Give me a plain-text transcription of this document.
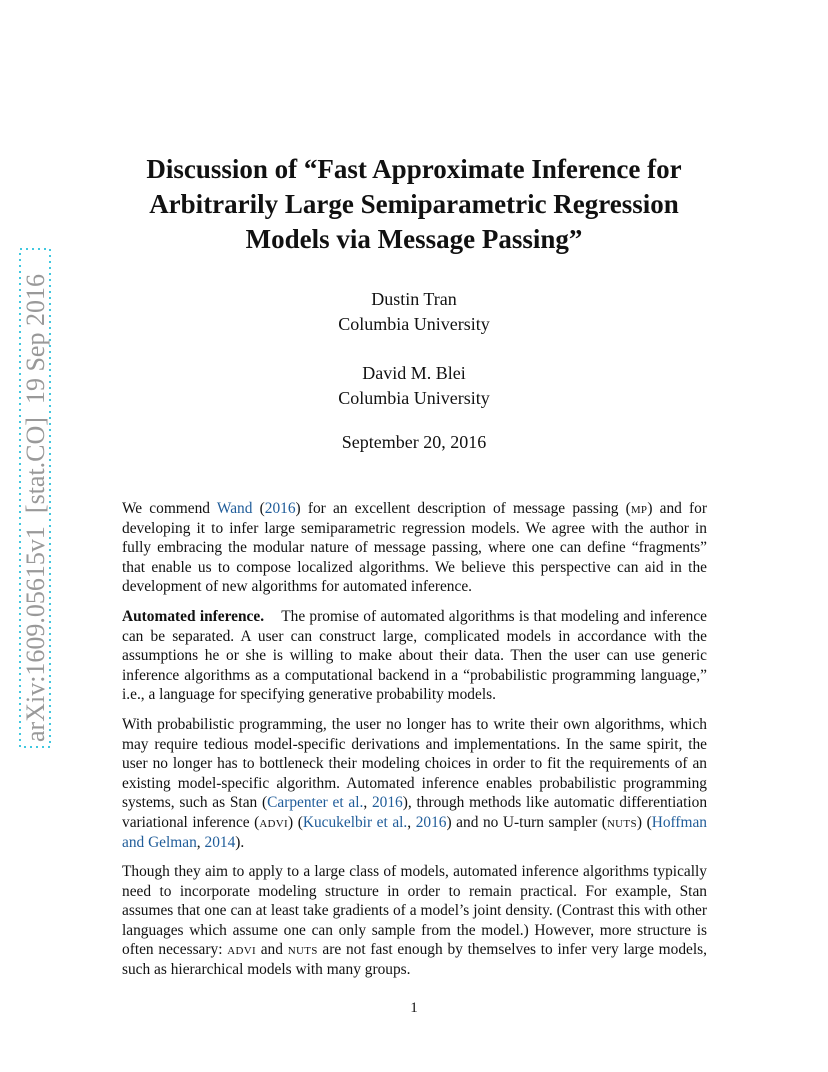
arXiv:1609.05615v1  [stat.CO]  19 Sep 2016
Discussion of “Fast Approximate Inference for
Arbitrarily Large Semiparametric Regression
Models via Message Passing”
Dustin Tran
Columbia University
David M. Blei
Columbia University
September 20, 2016

We commend Wand (2016) for an excellent description of message passing (mp) and for developing it to infer large semiparametric regression models. We agree with the author in fully embracing the modular nature of message passing, where one can define “fragments” that enable us to compose localized algorithms. We believe this perspective can aid in the development of new algorithms for automated inference.

Automated inference. The promise of automated algorithms is that modeling and inference can be separated. A user can construct large, complicated models in accordance with the assumptions he or she is willing to make about their data. Then the user can use generic inference algorithms as a computational backend in a “probabilistic programming language,” i.e., a language for specifying generative probability models.

With probabilistic programming, the user no longer has to write their own algorithms, which may require tedious model-specific derivations and implementations. In the same spirit, the user no longer has to bottleneck their modeling choices in order to fit the requirements of an existing model-specific algorithm. Automated inference enables probabilistic programming systems, such as Stan (Carpenter et al., 2016), through methods like automatic differentiation variational inference (advi) (Kucukelbir et al., 2016) and no U-turn sampler (nuts) (Hoffman and Gelman, 2014).

Though they aim to apply to a large class of models, automated inference algorithms typically need to incorporate modeling structure in order to remain practical. For example, Stan assumes that one can at least take gradients of a model’s joint density. (Contrast this with other languages which assume one can only sample from the model.) However, more structure is often necessary: advi and nuts are not fast enough by themselves to infer very large models, such as hierarchical models with many groups.

1
